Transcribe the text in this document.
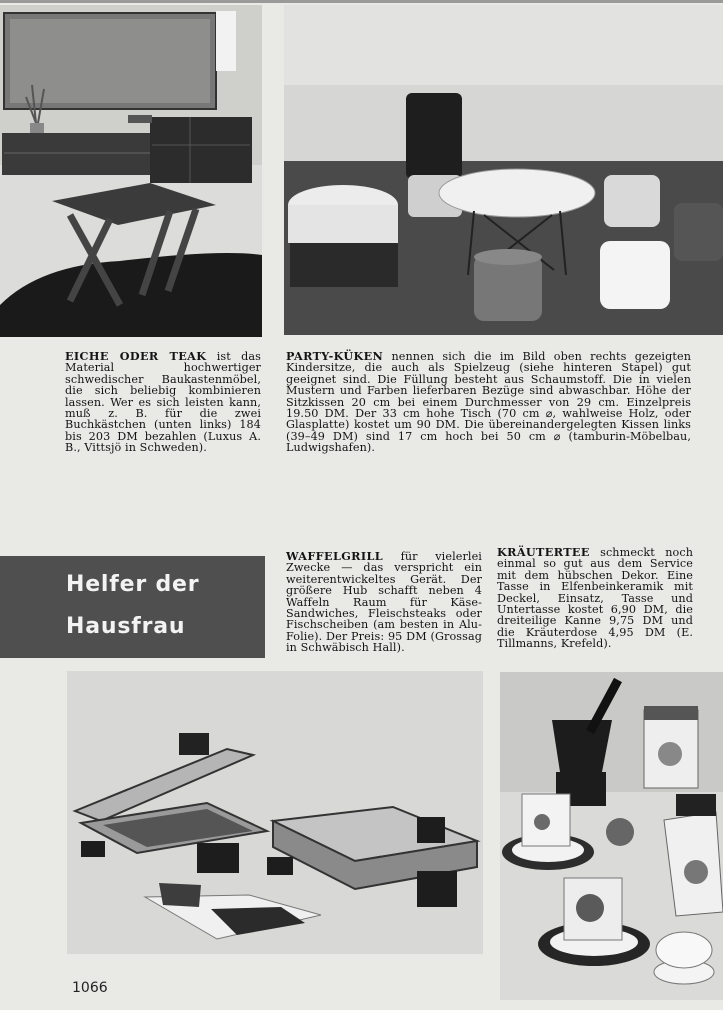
EICHE ODER TEAK ist das Material hochwertiger schwedischer Baukastenmöbel, die sich beliebig kombinieren lassen. Wer es sich leisten kann, muß z. B. für die zwei Buchkästchen (unten links) 184 bis 203 DM bezahlen (Luxus A. B., Vittsjö in Schweden).
PARTY-KÜKEN nennen sich die im Bild oben rechts gezeigten Kindersitze, die auch als Spielzeug (siehe hinteren Stapel) gut geeignet sind. Die Füllung besteht aus Schaumstoff. Die in vielen Mustern und Farben lieferbaren Bezüge sind abwaschbar. Höhe der Sitzkissen 20 cm bei einem Durchmesser von 29 cm. Einzelpreis 19.50 DM. Der 33 cm hohe Tisch (70 cm ⌀, wahlweise Holz, oder Glasplatte) kostet um 90 DM. Die übereinandergelegten Kissen links (39–49 DM) sind 17 cm hoch bei 50 cm ⌀ (tamburin-Möbelbau, Ludwigshafen).
Helfer der
Hausfrau
WAFFELGRILL für vielerlei Zwecke — das verspricht ein weiterentwickeltes Gerät. Der größere Hub schafft neben 4 Waffeln Raum für Käse-Sandwiches, Fleischsteaks oder Fischscheiben (am besten in Alu-Folie). Der Preis: 95 DM (Grossag in Schwäbisch Hall).
KRÄUTERTEE schmeckt noch einmal so gut aus dem Service mit dem hübschen Dekor. Eine Tasse in Elfenbeinkeramik mit Deckel, Einsatz, Tasse und Untertasse kostet 6,90 DM, die dreiteilige Kanne 9,75 DM und die Kräuterdose 4,95 DM (E. Tillmanns, Krefeld).
1066
